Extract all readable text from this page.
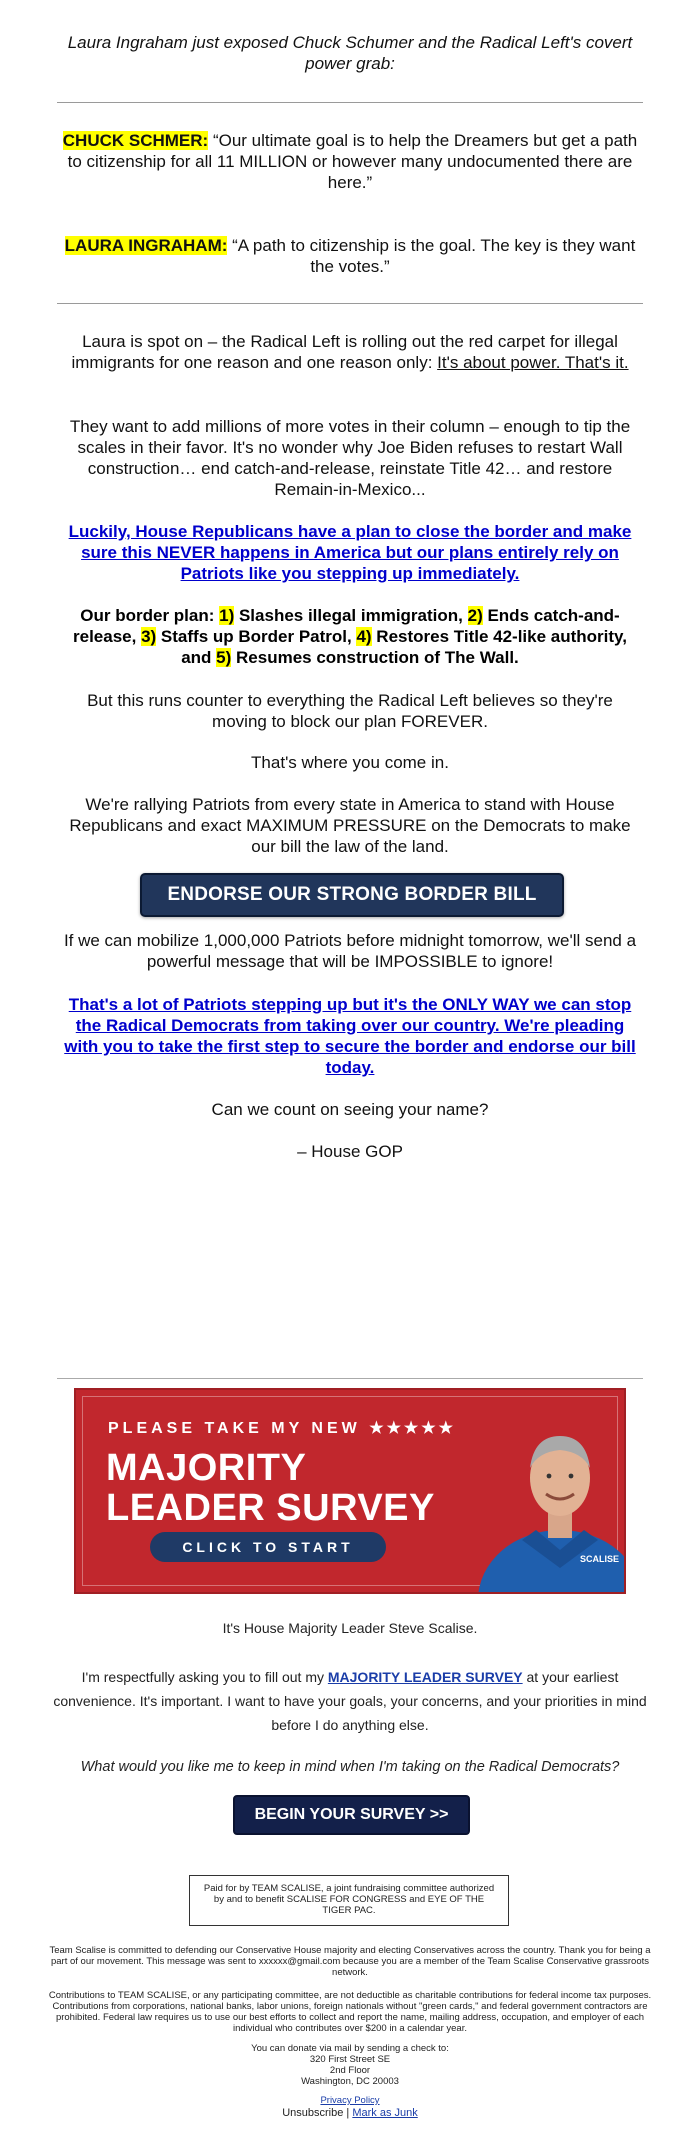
Laura Ingraham just exposed Chuck Schumer and the Radical Left's covert power grab:
CHUCK SCHMER: “Our ultimate goal is to help the Dreamers but get a path to citizenship for all 11 MILLION or however many undocumented there are here.”
LAURA INGRAHAM: “A path to citizenship is the goal. The key is they want the votes.”
Laura is spot on – the Radical Left is rolling out the red carpet for illegal immigrants for one reason and one reason only: It's about power. That's it.
They want to add millions of more votes in their column – enough to tip the scales in their favor. It's no wonder why Joe Biden refuses to restart Wall construction… end catch-and-release, reinstate Title 42… and restore Remain-in-Mexico...
Luckily, House Republicans have a plan to close the border and make sure this NEVER happens in America but our plans entirely rely on Patriots like you stepping up immediately.
Our border plan: 1) Slashes illegal immigration, 2) Ends catch-and-release, 3) Staffs up Border Patrol, 4) Restores Title 42-like authority, and 5) Resumes construction of The Wall.
But this runs counter to everything the Radical Left believes so they're moving to block our plan FOREVER.
That's where you come in.
We're rallying Patriots from every state in America to stand with House Republicans and exact MAXIMUM PRESSURE on the Democrats to make our bill the law of the land.
ENDORSE OUR STRONG BORDER BILL
If we can mobilize 1,000,000 Patriots before midnight tomorrow, we'll send a powerful message that will be IMPOSSIBLE to ignore!
That's a lot of Patriots stepping up but it's the ONLY WAY we can stop the Radical Democrats from taking over our country. We're pleading with you to take the first step to secure the border and endorse our bill today.
Can we count on seeing your name?
– House GOP
PLEASE TAKE MY NEW ★★★★★
MAJORITY
LEADER SURVEY
CLICK TO START
SCALISE
It's House Majority Leader Steve Scalise.
I'm respectfully asking you to fill out my MAJORITY LEADER SURVEY at your earliest convenience. It's important. I want to have your goals, your concerns, and your priorities in mind before I do anything else.
What would you like me to keep in mind when I'm taking on the Radical Democrats?
BEGIN YOUR SURVEY >>
Paid for by TEAM SCALISE, a joint fundraising committee authorized by and to benefit SCALISE FOR CONGRESS and EYE OF THE TIGER PAC.
Team Scalise is committed to defending our Conservative House majority and electing Conservatives across the country. Thank you for being a part of our movement. This message was sent to xxxxxx@gmail.com because you are a member of the Team Scalise Conservative grassroots network.
Contributions to TEAM SCALISE, or any participating committee, are not deductible as charitable contributions for federal income tax purposes. Contributions from corporations, national banks, labor unions, foreign nationals without "green cards," and federal government contractors are prohibited. Federal law requires us to use our best efforts to collect and report the name, mailing address, occupation, and employer of each individual who contributes over $200 in a calendar year.
You can donate via mail by sending a check to:
320 First Street SE
2nd Floor
Washington, DC 20003
Privacy Policy
Unsubscribe | Mark as Junk
